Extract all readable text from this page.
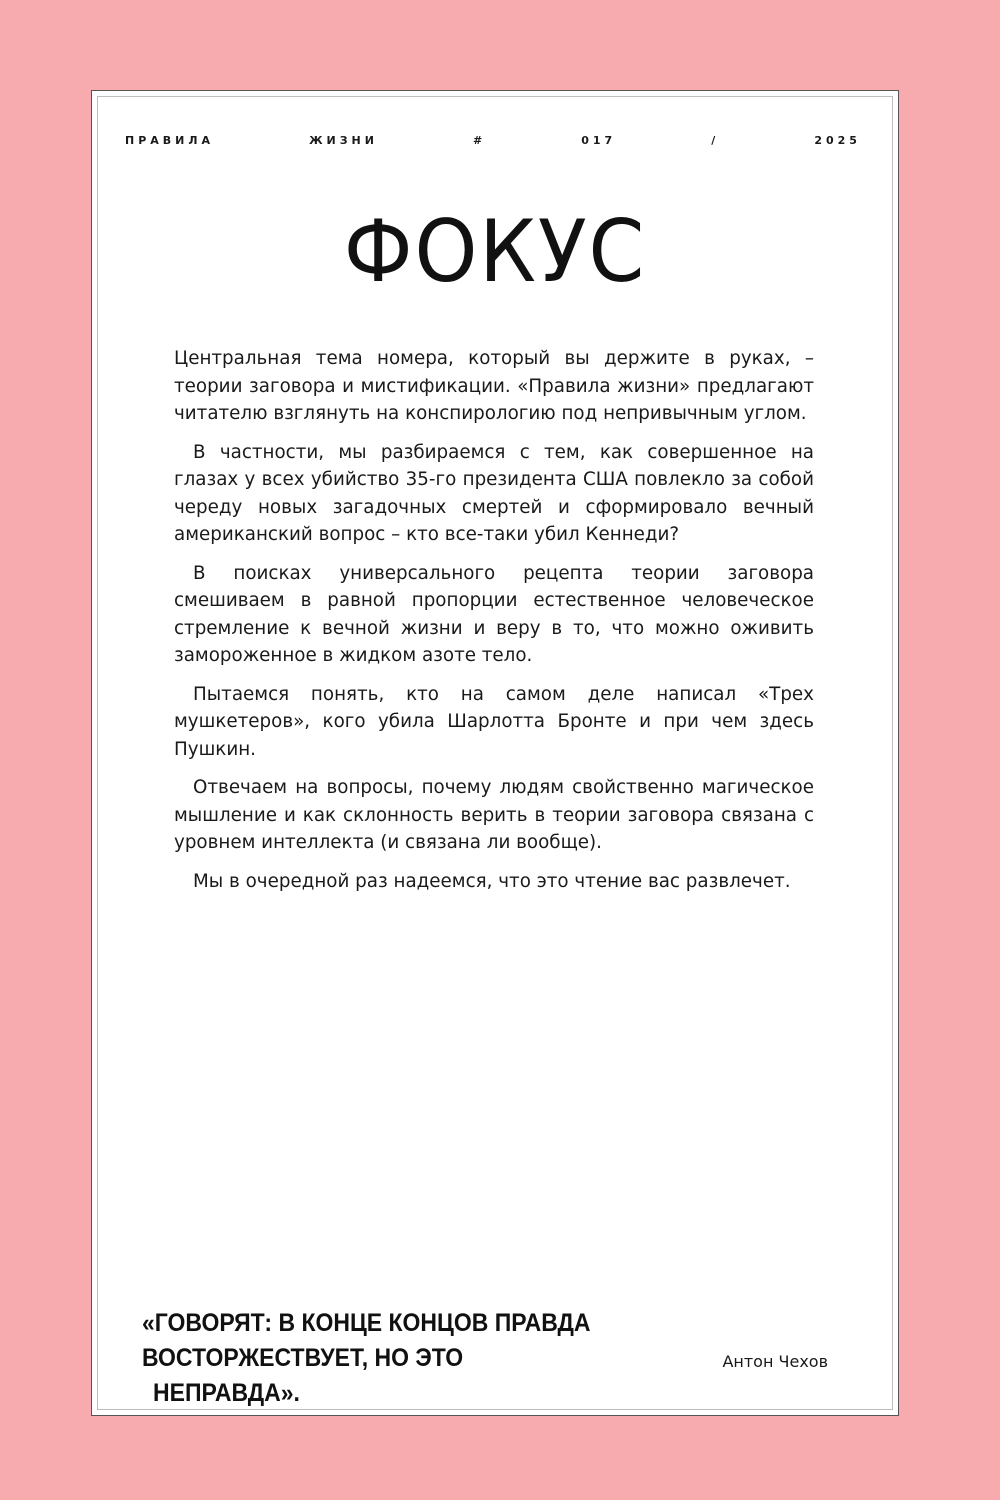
ПРАВИЛА	ЖИЗНИ	#	017	/	2025
ФОКУС

Центральная тема номера, который вы держите в руках, – теории заговора и мистификации. «Правила жизни» предлагают читателю взглянуть на конспирологию под непривычным углом.

В частности, мы разбираемся с тем, как совершенное на глазах у всех убийство 35-го президента США повлекло за собой череду новых загадочных смертей и сформировало вечный американский вопрос – кто все-таки убил Кеннеди?

В поисках универсального рецепта теории заговора смешиваем в равной пропорции естественное человеческое стремление к вечной жизни и веру в то, что можно оживить замороженное в жидком азоте тело.

Пытаемся понять, кто на самом деле написал «Трех мушкетеров», кого убила Шарлотта Бронте и при чем здесь Пушкин.

Отвечаем на вопросы, почему людям свойственно магическое мышление и как склонность верить в теории заговора связана с уровнем интеллекта (и связана ли вообще).

Мы в очередной раз надеемся, что это чтение вас развлечет.

«ГОВОРЯТ: В КОНЦЕ КОНЦОВ ПРАВДА ВОСТОРЖЕСТВУЕТ, НО ЭТО
НЕПРАВДА».
Антон Чехов
